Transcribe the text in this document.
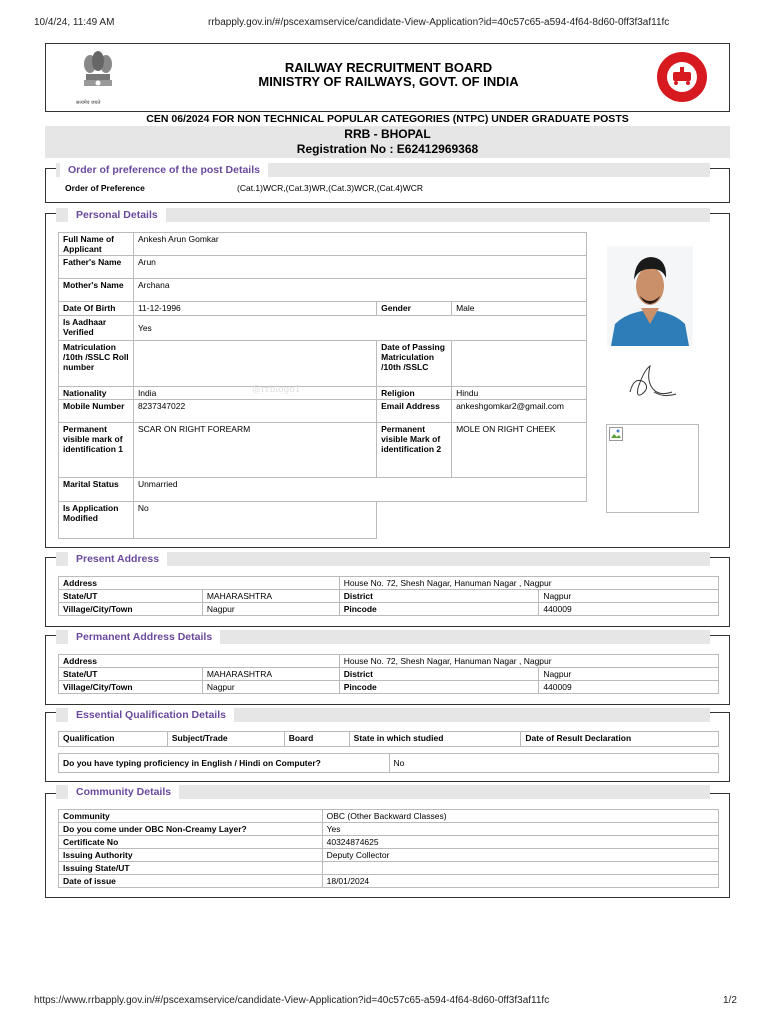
10/4/24, 11:49 AM	rrbapply.gov.in/#/pscexamservice/candidate-View-Application?id=40c57c65-a594-4f64-8d60-0ff3f3af11fc
सत्यमेव जयते
RAILWAY RECRUITMENT BOARD
MINISTRY OF RAILWAYS, GOVT. OF INDIA
CEN 06/2024 FOR NON TECHNICAL POPULAR CATEGORIES (NTPC) UNDER GRADUATE POSTS
RRB - BHOPAL
Registration No : E62412969368
Order of preference of the post Details
Order of Preference	(Cat.1)WCR,(Cat.3)WR,(Cat.3)WCR,(Cat.4)WCR
Personal Details
Full Name of Applicant	Ankesh Arun Gomkar		
Father's Name	Arun		
Mother's Name	Archana		
Date Of Birth	11-12-1996	Gender	Male
Is Aadhaar Verified	Yes		
Matriculation /10th /SSLC Roll number		Date of Passing Matriculation /10th /SSLC	
Nationality	India	Religion	Hindu
Mobile Number	8237347022	Email Address	ankeshgomkar2@gmail.com
Permanent visible mark of identification 1	SCAR ON RIGHT FOREARM	Permanent visible Mark of identification 2	MOLE ON RIGHT CHEEK
Marital Status	Unmarried		
Is Application Modified	No
@rrblogo1
Present Address
Address		House No. 72, Shesh Nagar, Hanuman Nagar , Nagpur	
State/UT	MAHARASHTRA	District	Nagpur
Village/City/Town	Nagpur	Pincode	440009
Permanent Address Details
Address		House No. 72, Shesh Nagar, Hanuman Nagar , Nagpur	
State/UT	MAHARASHTRA	District	Nagpur
Village/City/Town	Nagpur	Pincode	440009
Essential Qualification Details
Qualification	Subject/Trade	Board	State in which studied	Date of Result Declaration
Do you have typing proficiency in English / Hindi on Computer?	No
Community Details
Community	OBC (Other Backward Classes)
Do you come under OBC Non-Creamy Layer?	Yes
Certificate No	40324874625
Issuing Authority	Deputy Collector
Issuing State/UT	
Date of issue	18/01/2024
https://www.rrbapply.gov.in/#/pscexamservice/candidate-View-Application?id=40c57c65-a594-4f64-8d60-0ff3f3af11fc	1/2
